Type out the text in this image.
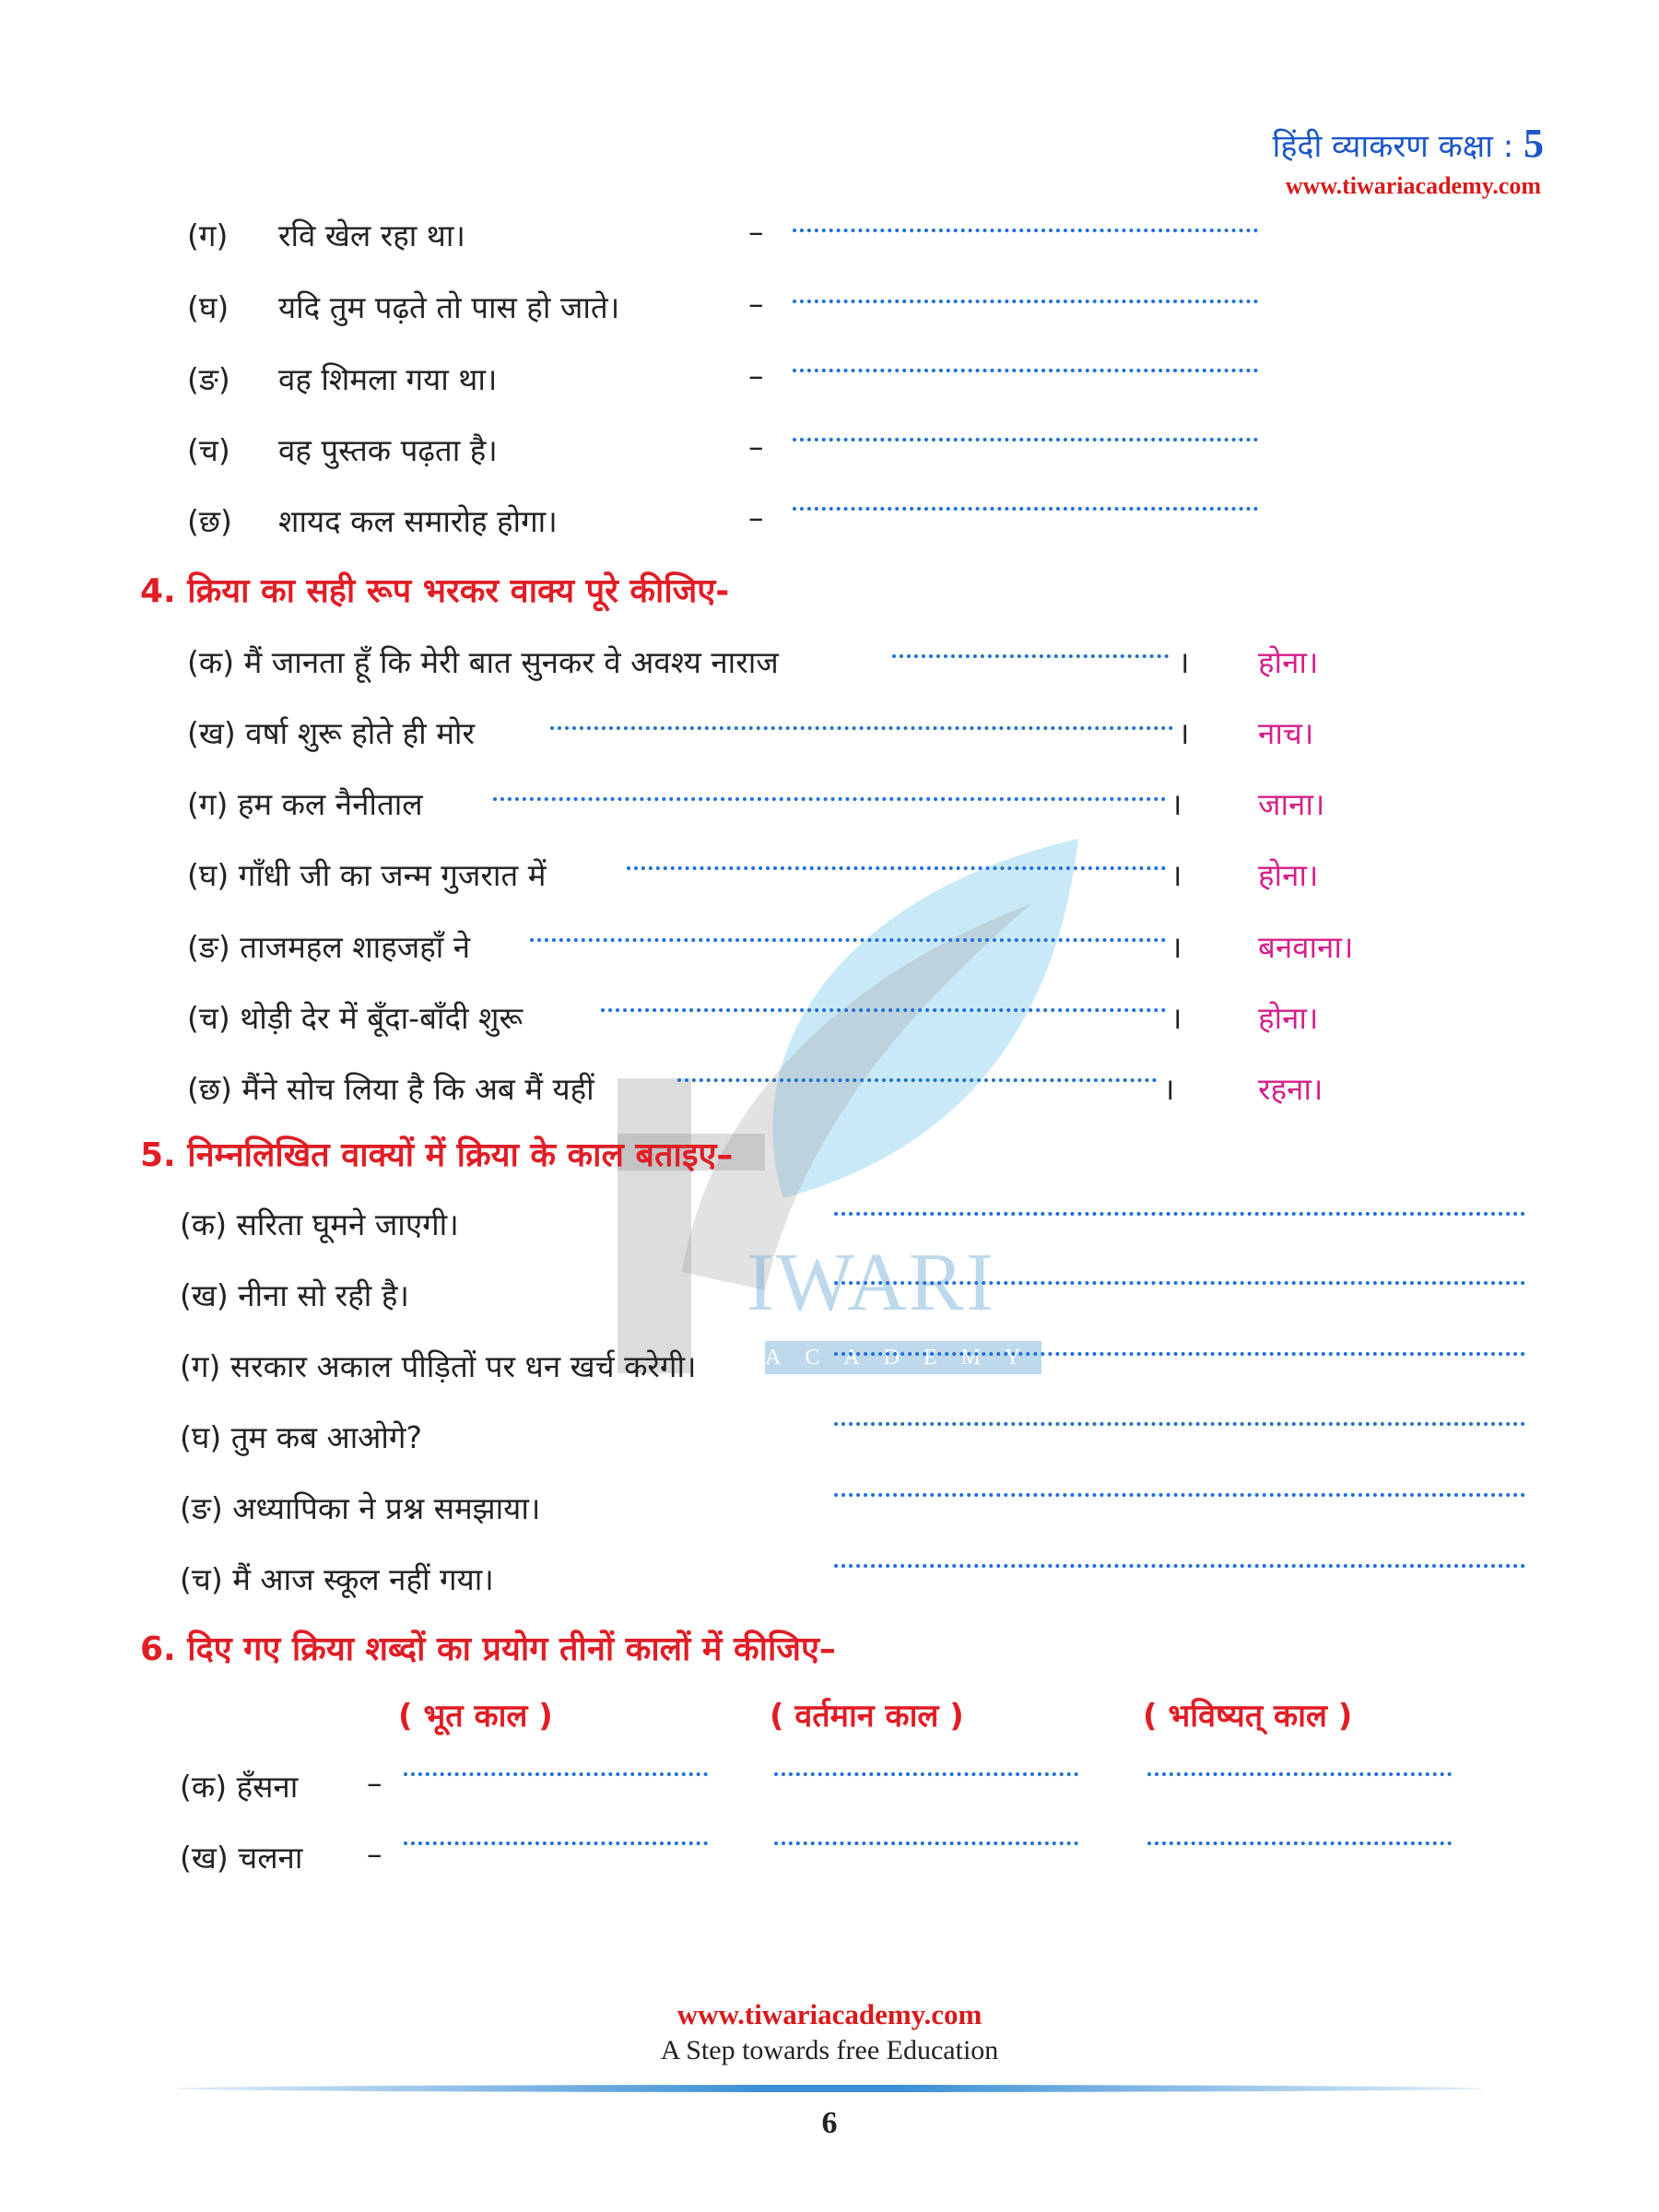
IWARI
ACADEMY
हिंदी व्याकरण कक्षा : 5
www.tiwariacademy.com
(ग) रवि खेल रहा था।	–
(घ) यदि तुम पढ़ते तो पास हो जाते।	–
(ङ) वह शिमला गया था।	–
(च) वह पुस्तक पढ़ता है।	–
(छ) शायद कल समारोह होगा।	–
4. क्रिया का सही रूप भरकर वाक्य पूरे कीजिए-
(क) मैं जानता हूँ कि मेरी बात सुनकर वे अवश्य नाराज	। होना।
(ख) वर्षा शुरू होते ही मोर	। नाच।
(ग) हम कल नैनीताल	। जाना।
(घ) गाँधी जी का जन्म गुजरात में	। होना।
(ङ) ताजमहल शाहजहाँ ने	। बनवाना।
(च) थोड़ी देर में बूँदा-बाँदी शुरू	। होना।
(छ) मैंने सोच लिया है कि अब मैं यहीं	।	रहना।
5. निम्नलिखित वाक्यों में क्रिया के काल बताइए–
(क) सरिता घूमने जाएगी।
(ख) नीना सो रही है।
(ग) सरकार अकाल पीड़ितों पर धन खर्च करेगी।
(घ) तुम कब आओगे?
(ङ) अध्यापिका ने प्रश्न समझाया।
(च) मैं आज स्कूल नहीं गया।
6. दिए गए क्रिया शब्दों का प्रयोग तीनों कालों में कीजिए–
( भूत काल )	( वर्तमान काल )	( भविष्यत् काल )
(क) हँसना –
(ख) चलना –
www.tiwariacademy.com
A Step towards free Education
6
